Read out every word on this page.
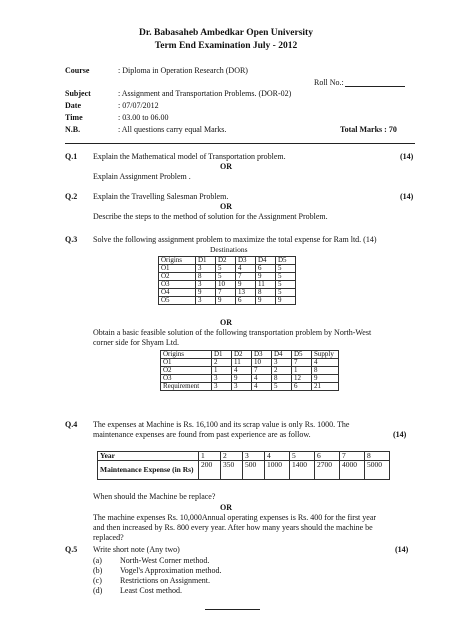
Dr. Babasaheb Ambedkar Open University
Term End Examination July - 2012
Course	: Diploma in Operation Research (DOR)
Roll No.:
Subject	: Assignment and Transportation Problems. (DOR-02)
Date	: 07/07/2012
Time	: 03.00 to 06.00
N.B.	: All questions carry equal Marks.	Total Marks : 70
Q.1 Explain the Mathematical model of Transportation problem.	(14)
OR
Explain Assignment Problem .
Q.2 Explain the Travelling Salesman Problem.	(14)
OR
Describe the steps to the method of solution for the Assignment Problem.
Q.3 Solve the following assignment problem to maximize the total expense for Ram ltd. (14)
Destinations
Origins	D1	D2	D3	D4	D5
O1	3	5	4	6	5
O2	8	5	7	9	5
O3	3	10	9	11	5
O4	9	7	13	8	5
O5	3	9	6	9	9
OR
Obtain a basic feasible solution of the following transportation problem by North-West
corner side for Shyam Ltd.
Origins	D1	D2	D3	D4	D5	Supply
O1	2	11	10	3	7	4
O2	1	4	7	2	1	8
O3	3	9	4	8	12	9
Requirement	3	3	4	5	6	21
Q.4 The expenses at Machine is Rs. 16,100 and its scrap value is only Rs. 1000. The
maintenance expenses are found from past experience are as follow.	(14)
Year	1	2	3	4	5	6	7	8
Maintenance Expense (in Rs)	200	350	500	1000	1400	2700	4000	5000
When should the Machine be replace?
OR
The machine expenses Rs. 10,000Annual operating expenses is Rs. 400 for the first year
and then increased by Rs. 800 every year. After how many years should the machine be
replaced?
Q.5 Write short note (Any two)	(14)
(a) North-West Corner method.
(b) Vogel's Approximation method.
(c) Restrictions on Assignment.
(d) Least Cost method.
